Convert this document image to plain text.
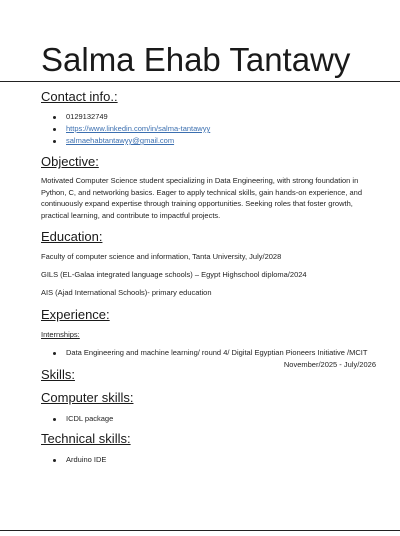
Salma Ehab Tantawy
Contact info.:
0129132749
https://www.linkedin.com/in/salma-tantawyy
salmaehabtantawyy@gmail.com
Objective:

Motivated Computer Science student specializing in Data Engineering, with strong foundation in Python, C, and networking basics. Eager to apply technical skills, gain hands-on experience, and continuously expand expertise through training opportunities. Seeking roles that foster growth, practical learning, and contribute to impactful projects.

Education:

Faculty of computer science and information, Tanta University, July/2028

GILS (EL-Galaa integrated language schools) – Egypt Highschool diploma/2024

AIS (Ajad International Schools)- primary education

Experience:

Internships:

Data Engineering and machine learning/ round 4/ Digital Egyptian Pioneers Initiative /MCIT
November/2025 - July/2026
Skills:
Computer skills:
ICDL package
Technical skills:
Arduino IDE
